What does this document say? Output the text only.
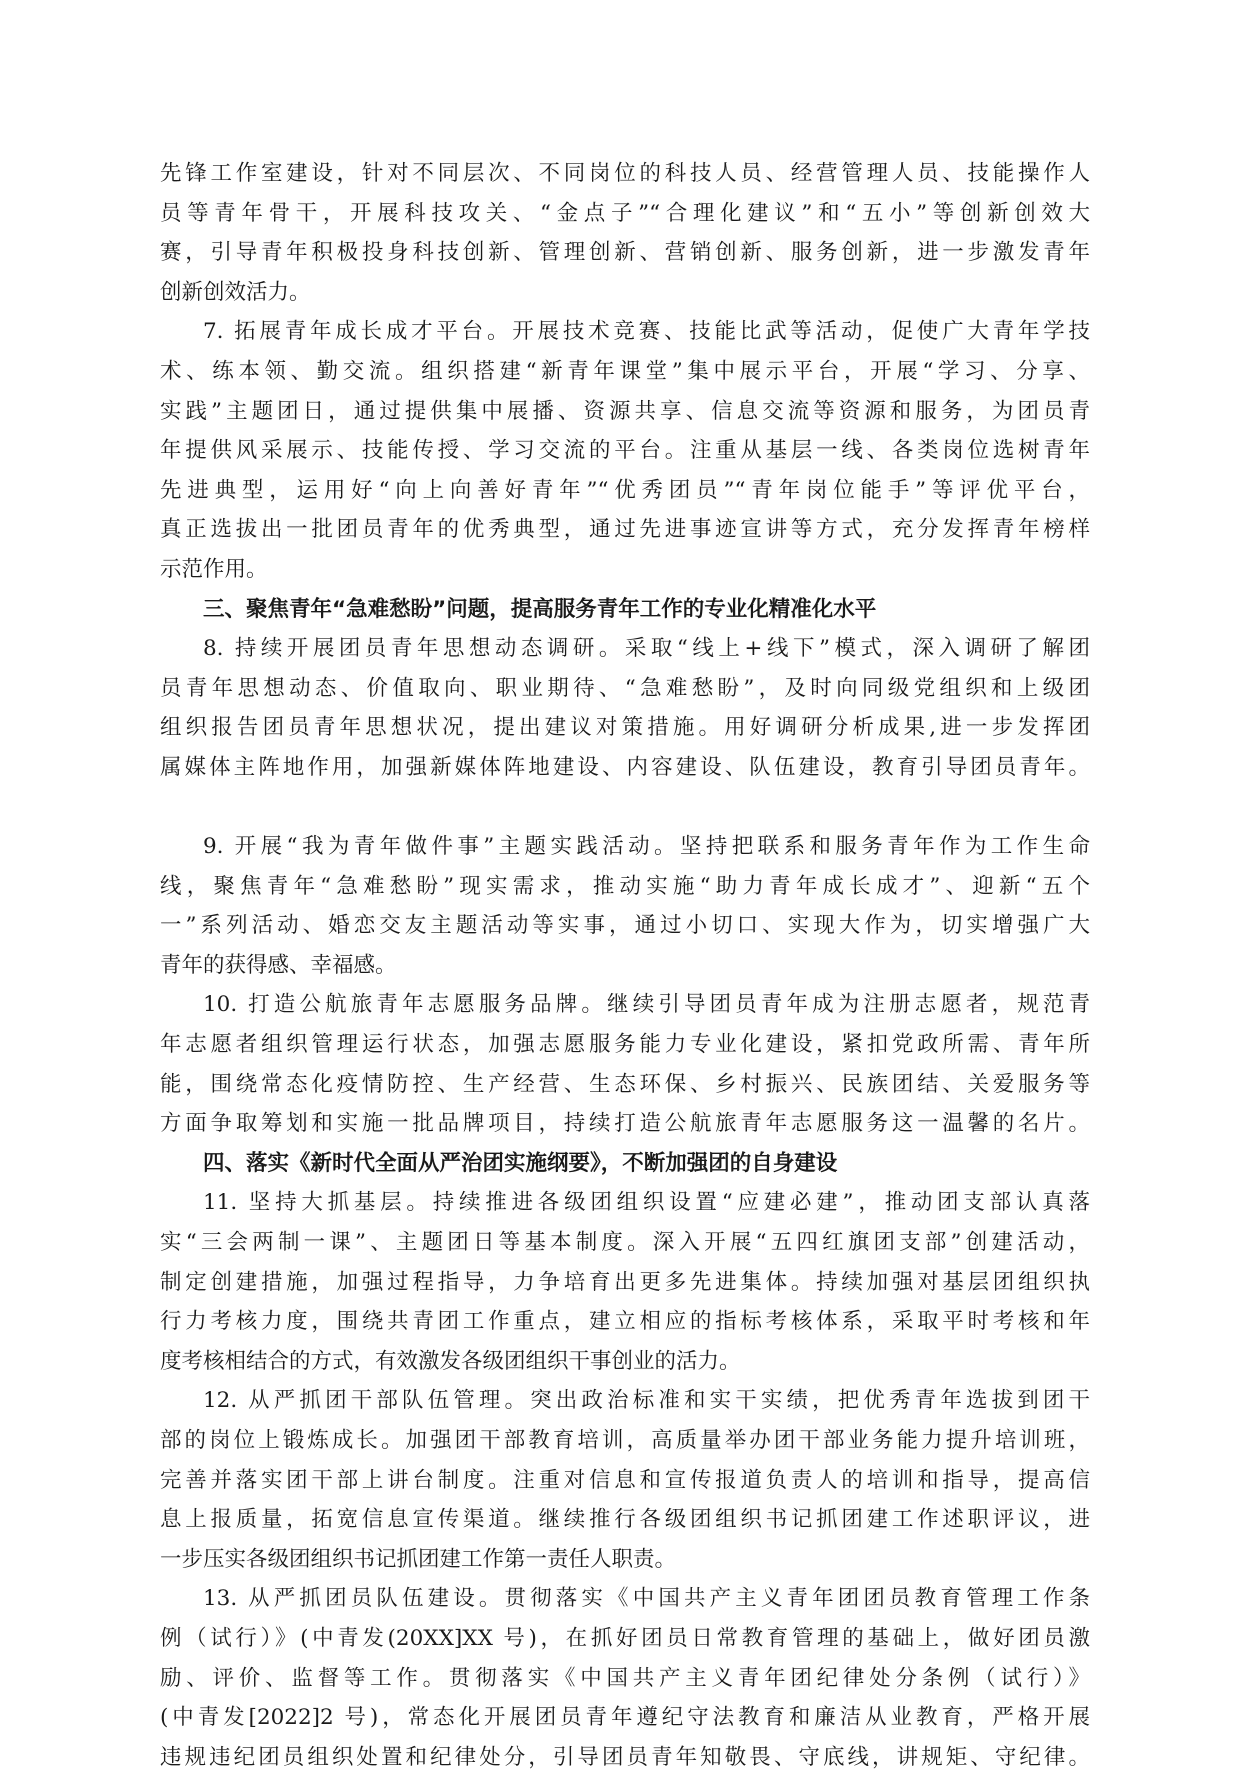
先锋工作室建设，针对不同层次、不同岗位的科技人员、经营管理人员、技能操作人
员等青年骨干，开展科技攻关、“金点子”“合理化建议”和“五小”等创新创效大
赛，引导青年积极投身科技创新、管理创新、营销创新、服务创新，进一步激发青年
创新创效活力。
7. 拓展青年成长成才平台。开展技术竞赛、技能比武等活动，促使广大青年学技
术、练本领、勤交流。组织搭建“新青年课堂”集中展示平台，开展“学习、分享、
实践”主题团日，通过提供集中展播、资源共享、信息交流等资源和服务，为团员青
年提供风采展示、技能传授、学习交流的平台。注重从基层一线、各类岗位选树青年
先进典型，运用好“向上向善好青年”“优秀团员”“青年岗位能手”等评优平台，
真正选拔出一批团员青年的优秀典型，通过先进事迹宣讲等方式，充分发挥青年榜样
示范作用。
三、聚焦青年“急难愁盼”问题，提高服务青年工作的专业化精准化水平
8. 持续开展团员青年思想动态调研。采取“线上+线下”模式，深入调研了解团
员青年思想动态、价值取向、职业期待、“急难愁盼”，及时向同级党组织和上级团
组织报告团员青年思想状况，提出建议对策措施。用好调研分析成果,进一步发挥团
属媒体主阵地作用，加强新媒体阵地建设、内容建设、队伍建设，教育引导团员青年。
9. 开展“我为青年做件事”主题实践活动。坚持把联系和服务青年作为工作生命
线，聚焦青年“急难愁盼”现实需求，推动实施“助力青年成长成才”、迎新“五个
一”系列活动、婚恋交友主题活动等实事，通过小切口、实现大作为，切实增强广大
青年的获得感、幸福感。
10. 打造公航旅青年志愿服务品牌。继续引导团员青年成为注册志愿者，规范青
年志愿者组织管理运行状态，加强志愿服务能力专业化建设，紧扣党政所需、青年所
能，围绕常态化疫情防控、生产经营、生态环保、乡村振兴、民族团结、关爱服务等
方面争取筹划和实施一批品牌项目，持续打造公航旅青年志愿服务这一温馨的名片。
四、落实《新时代全面从严治团实施纲要》，不断加强团的自身建设
11. 坚持大抓基层。持续推进各级团组织设置“应建必建”，推动团支部认真落
实“三会两制一课”、主题团日等基本制度。深入开展“五四红旗团支部”创建活动，
制定创建措施，加强过程指导，力争培育出更多先进集体。持续加强对基层团组织执
行力考核力度，围绕共青团工作重点，建立相应的指标考核体系，采取平时考核和年
度考核相结合的方式，有效激发各级团组织干事创业的活力。
12. 从严抓团干部队伍管理。突出政治标准和实干实绩，把优秀青年选拔到团干
部的岗位上锻炼成长。加强团干部教育培训，高质量举办团干部业务能力提升培训班，
完善并落实团干部上讲台制度。注重对信息和宣传报道负责人的培训和指导，提高信
息上报质量，拓宽信息宣传渠道。继续推行各级团组织书记抓团建工作述职评议，进
一步压实各级团组织书记抓团建工作第一责任人职责。
13. 从严抓团员队伍建设。贯彻落实《中国共产主义青年团团员教育管理工作条
例（试行）》(中青发(20XX]XX 号)，在抓好团员日常教育管理的基础上，做好团员激
励、评价、监督等工作。贯彻落实《中国共产主义青年团纪律处分条例（试行）》
(中青发[2022]2 号)，常态化开展团员青年遵纪守法教育和廉洁从业教育，严格开展
违规违纪团员组织处置和纪律处分，引导团员青年知敬畏、守底线，讲规矩、守纪律。
